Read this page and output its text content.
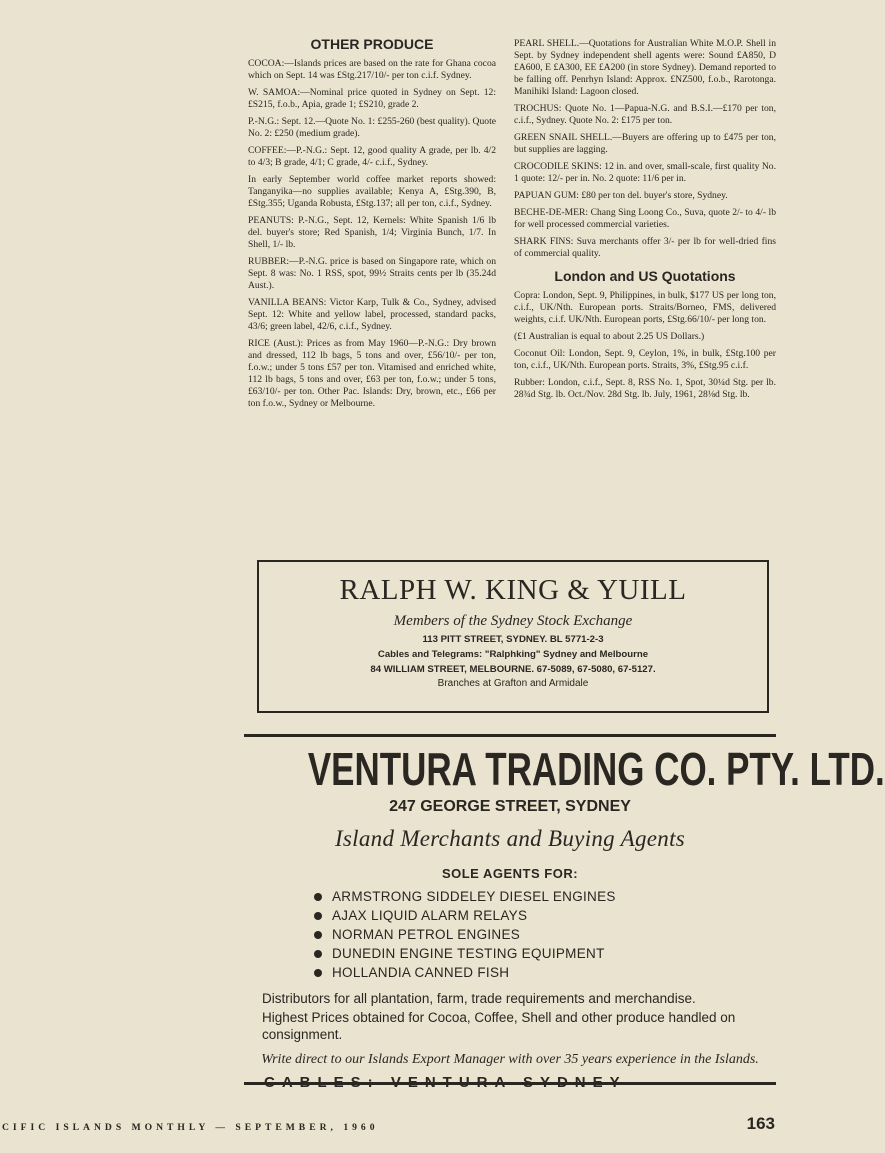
OTHER PRODUCE

COCOA:—Islands prices are based on the rate for Ghana cocoa which on Sept. 14 was £Stg.217/10/- per ton c.i.f. Sydney.

W. SAMOA:—Nominal price quoted in Sydney on Sept. 12: £S215, f.o.b., Apia, grade 1; £S210, grade 2.

P.-N.G.: Sept. 12.—Quote No. 1: £255-260 (best quality). Quote No. 2: £250 (medium grade).

COFFEE:—P.-N.G.: Sept. 12, good quality A grade, per lb. 4/2 to 4/3; B grade, 4/1; C grade, 4/- c.i.f., Sydney.

In early September world coffee market reports showed: Tanganyika—no supplies available; Kenya A, £Stg.390, B, £Stg.355; Uganda Robusta, £Stg.137; all per ton, c.i.f., Sydney.

PEANUTS: P.-N.G., Sept. 12, Kernels: White Spanish 1/6 lb del. buyer's store; Red Spanish, 1/4; Virginia Bunch, 1/7. In Shell, 1/- lb.

RUBBER:—P.-N.G. price is based on Singapore rate, which on Sept. 8 was: No. 1 RSS, spot, 99½ Straits cents per lb (35.24d Aust.).

VANILLA BEANS: Victor Karp, Tulk & Co., Sydney, advised Sept. 12: White and yellow label, processed, standard packs, 43/6; green label, 42/6, c.i.f., Sydney.

RICE (Aust.): Prices as from May 1960—P.-N.G.: Dry brown and dressed, 112 lb bags, 5 tons and over, £56/10/- per ton, f.o.w.; under 5 tons £57 per ton. Vitamised and enriched white, 112 lb bags, 5 tons and over, £63 per ton, f.o.w.; under 5 tons, £63/10/- per ton. Other Pac. Islands: Dry, brown, etc., £66 per ton f.o.w., Sydney or Melbourne.

PEARL SHELL.—Quotations for Australian White M.O.P. Shell in Sept. by Sydney independent shell agents were: Sound £A850, D £A600, E £A300, EE £A200 (in store Sydney). Demand reported to be falling off. Penrhyn Island: Approx. £NZ500, f.o.b., Rarotonga. Manihiki Island: Lagoon closed.

TROCHUS: Quote No. 1—Papua-N.G. and B.S.I.—£170 per ton, c.i.f., Sydney. Quote No. 2: £175 per ton.

GREEN SNAIL SHELL.—Buyers are offering up to £475 per ton, but supplies are lagging.

CROCODILE SKINS: 12 in. and over, small-scale, first quality No. 1 quote: 12/- per in. No. 2 quote: 11/6 per in.

PAPUAN GUM: £80 per ton del. buyer's store, Sydney.

BECHE-DE-MER: Chang Sing Loong Co., Suva, quote 2/- to 4/- lb for well processed commercial varieties.

SHARK FINS: Suva merchants offer 3/- per lb for well-dried fins of commercial quality.

London and US Quotations

Copra: London, Sept. 9, Philippines, in bulk, $177 US per long ton, c.i.f., UK/Nth. European ports. Straits/Borneo, FMS, delivered weights, c.i.f. UK/Nth. European ports, £Stg.66/10/- per long ton.

(£1 Australian is equal to about 2.25 US Dollars.)

Coconut Oil: London, Sept. 9, Ceylon, 1%, in bulk, £Stg.100 per ton, c.i.f., UK/Nth. European ports. Straits, 3%, £Stg.95 c.i.f.

Rubber: London, c.i.f., Sept. 8, RSS No. 1, Spot, 30¼d Stg. per lb. 28¾d Stg. lb. Oct./Nov. 28d Stg. lb. July, 1961, 28⅛d Stg. lb.

RALPH W. KING & YUILL
Members of the Sydney Stock Exchange
113 PITT STREET, SYDNEY. BL 5771-2-3
Cables and Telegrams: "Ralphking" Sydney and Melbourne
84 WILLIAM STREET, MELBOURNE. 67-5089, 67-5080, 67-5127.
Branches at Grafton and Armidale
VENTURA TRADING CO. PTY. LTD.
247 GEORGE STREET, SYDNEY
Island Merchants and Buying Agents
SOLE AGENTS FOR:
ARMSTRONG SIDDELEY DIESEL ENGINES
AJAX LIQUID ALARM RELAYS
NORMAN PETROL ENGINES
DUNEDIN ENGINE TESTING EQUIPMENT
HOLLANDIA CANNED FISH
Distributors for all plantation, farm, trade requirements and merchandise.
Highest Prices obtained for Cocoa, Coffee, Shell and other produce handled on consignment.
Write direct to our Islands Export Manager with over 35 years experience in the Islands.
CIFIC ISLANDS MONTHLY — SEPTEMBER, 1960	163
